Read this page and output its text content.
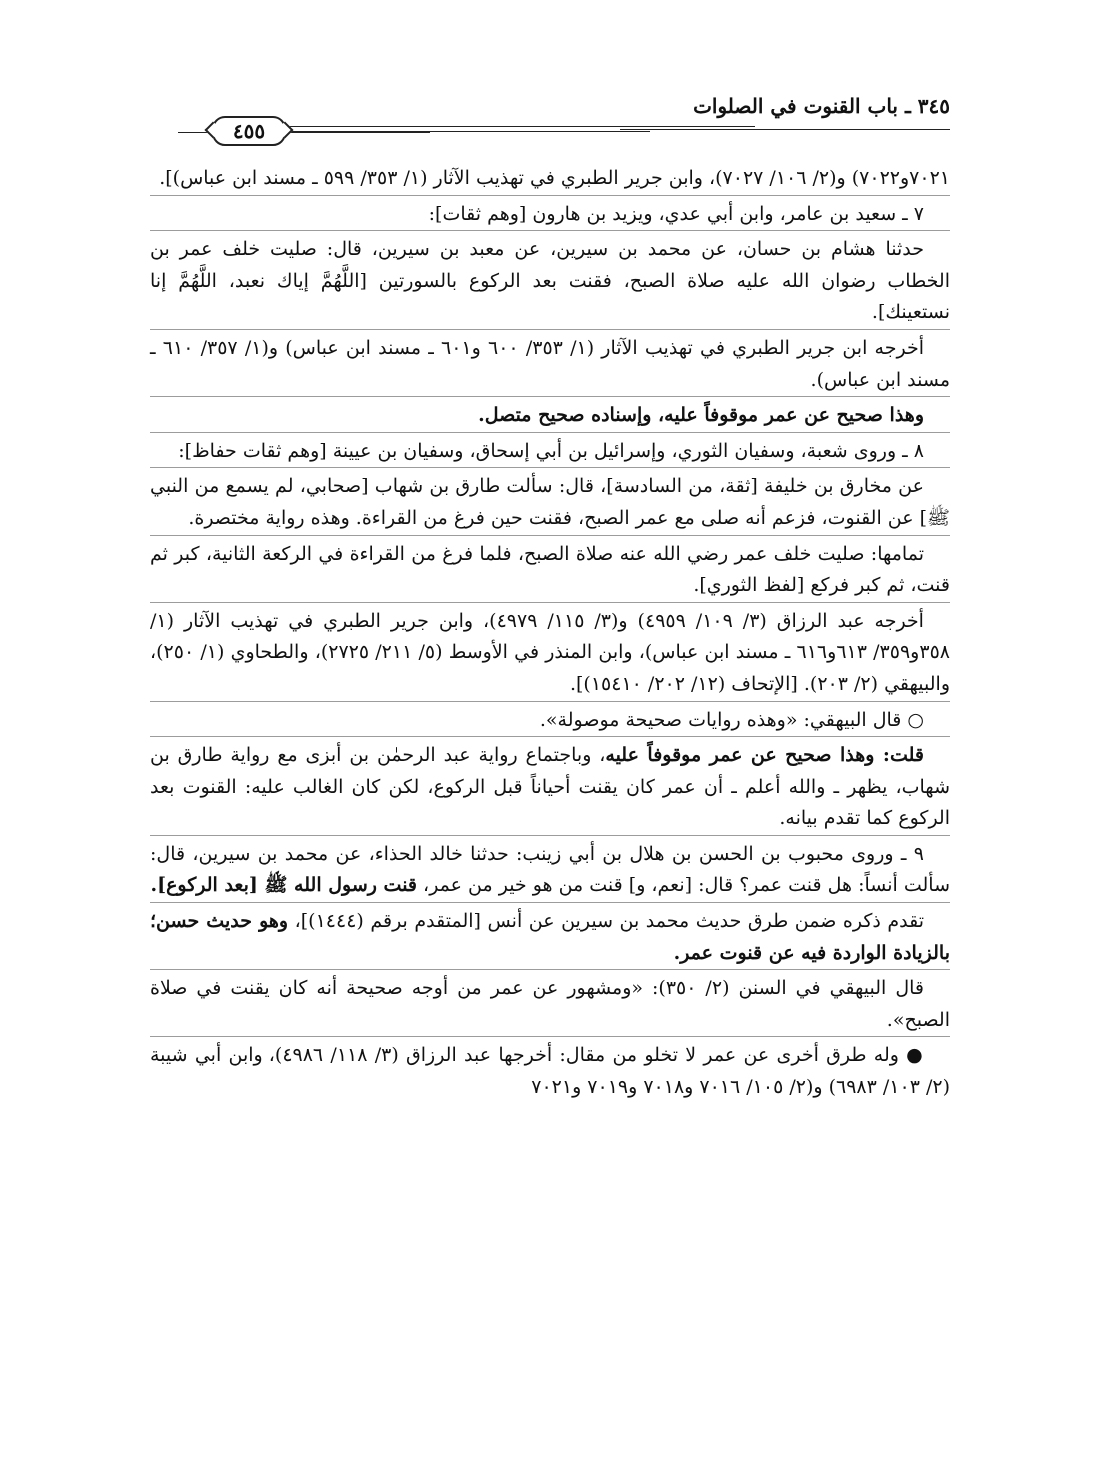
٣٤٥ ـ باب القنوت في الصلوات
٤٥٥

٧٠٢١و٧٠٢٢) و(٢/ ١٠٦/ ٧٠٢٧)، وابن جرير الطبري في تهذيب الآثار (١/ ٣٥٣/ ٥٩٩ ـ مسند ابن عباس)].

٧ ـ سعيد بن عامر، وابن أبي عدي، ويزيد بن هارون [وهم ثقات]:

حدثنا هشام بن حسان، عن محمد بن سيرين، عن معبد بن سيرين، قال: صليت خلف عمر بن الخطاب رضوان الله عليه صلاة الصبح، فقنت بعد الركوع بالسورتين [اللَّهُمَّ إياك نعبد، اللَّهُمَّ إنا نستعينك].

أخرجه ابن جرير الطبري في تهذيب الآثار (١/ ٣٥٣/ ٦٠٠ و٦٠١ ـ مسند ابن عباس) و(١/ ٣٥٧/ ٦١٠ ـ مسند ابن عباس).

وهذا صحيح عن عمر موقوفاً عليه، وإسناده صحيح متصل.

٨ ـ وروى شعبة، وسفيان الثوري، وإسرائيل بن أبي إسحاق، وسفيان بن عيينة [وهم ثقات حفاظ]:

عن مخارق بن خليفة [ثقة، من السادسة]، قال: سألت طارق بن شهاب [صحابي، لم يسمع من النبي ﷺ] عن القنوت، فزعم أنه صلى مع عمر الصبح، فقنت حين فرغ من القراءة. وهذه رواية مختصرة.

تمامها: صليت خلف عمر رضي الله عنه صلاة الصبح، فلما فرغ من القراءة في الركعة الثانية، كبر ثم قنت، ثم كبر فركع [لفظ الثوري].

أخرجه عبد الرزاق (٣/ ١٠٩/ ٤٩٥٩) و(٣/ ١١٥/ ٤٩٧٩)، وابن جرير الطبري في تهذيب الآثار (١/ ٣٥٨و٣٥٩/ ٦١٣و٦١٦ ـ مسند ابن عباس)، وابن المنذر في الأوسط (٥/ ٢١١/ ٢٧٢٥)، والطحاوي (١/ ٢٥٠)، والبيهقي (٢/ ٢٠٣). [الإتحاف (١٢/ ٢٠٢/ ١٥٤١٠)].

○ قال البيهقي: «وهذه روايات صحيحة موصولة».

قلت: وهذا صحيح عن عمر موقوفاً عليه، وباجتماع رواية عبد الرحمٰن بن أبزى مع رواية طارق بن شهاب، يظهر ـ والله أعلم ـ أن عمر كان يقنت أحياناً قبل الركوع، لكن كان الغالب عليه: القنوت بعد الركوع كما تقدم بيانه.

٩ ـ وروى محبوب بن الحسن بن هلال بن أبي زينب: حدثنا خالد الحذاء، عن محمد بن سيرين، قال: سألت أنساً: هل قنت عمر؟ قال: [نعم، و] قنت من هو خير من عمر، قنت رسول الله ﷺ [بعد الركوع].

تقدم ذكره ضمن طرق حديث محمد بن سيرين عن أنس [المتقدم برقم (١٤٤٤)]، وهو حديث حسن؛ بالزيادة الواردة فيه عن قنوت عمر.

قال البيهقي في السنن (٢/ ٣٥٠): «ومشهور عن عمر من أوجه صحيحة أنه كان يقنت في صلاة الصبح».

● وله طرق أخرى عن عمر لا تخلو من مقال: أخرجها عبد الرزاق (٣/ ١١٨/ ٤٩٨٦)، وابن أبي شيبة (٢/ ١٠٣/ ٦٩٨٣) و(٢/ ١٠٥/ ٧٠١٦ و٧٠١٨ و٧٠١٩ و٧٠٢١
